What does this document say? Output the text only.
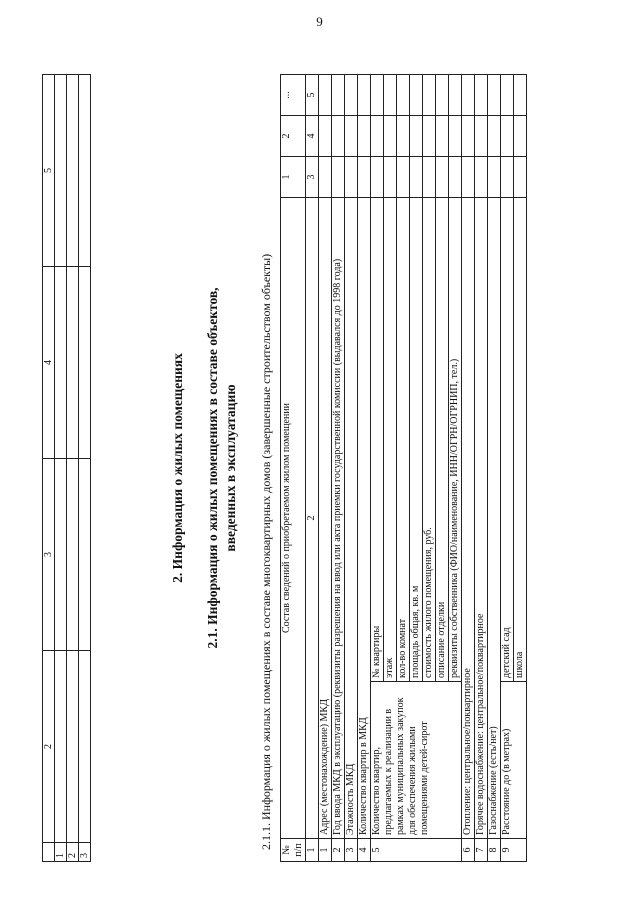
9
	2	3	4	5
1				
2				
3				
2. Информация о жилых помещениях 2.1. Информация о жилых помещениях в составе объектов, введенных в эксплуатацию 2.1.1. Информация о жилых помещениях в составе многоквартирных домов (завершенные строительством объекты)
№ п/п	Состав сведений о приобретаемом жилом помещении		1	2	...
1	2		3	4	5
1	Адрес (местонахождение) МКД				
2	Год ввода МКД в эксплуатацию (реквизиты разрешения на ввод или акта приемки государственной комиссии (выдавался до 1998 года)				
3	Этажность МКД				
4	Количество квартир в МКД				
5	Количество квартир, предлагаемых к реализации в рамках муниципальных закупок для обеспечения жилыми помещениями детей-сирот	№ квартиры			
		этаж			
		кол-во комнат			
		площадь общая, кв. м			
		стоимость жилого помещения, руб.			
		описание отделки			
		реквизиты собственника (ФИО/наименование, ИНН/ОГРН/ОГРНИП, тел.)			
6	Отопление: центральное/поквартирное				
7	Горячее водоснабжение: центральное/поквартирное				
8	Газоснабжение (есть/нет)				
9	Расстояние до (в метрах)	детский сад			
		школа			
